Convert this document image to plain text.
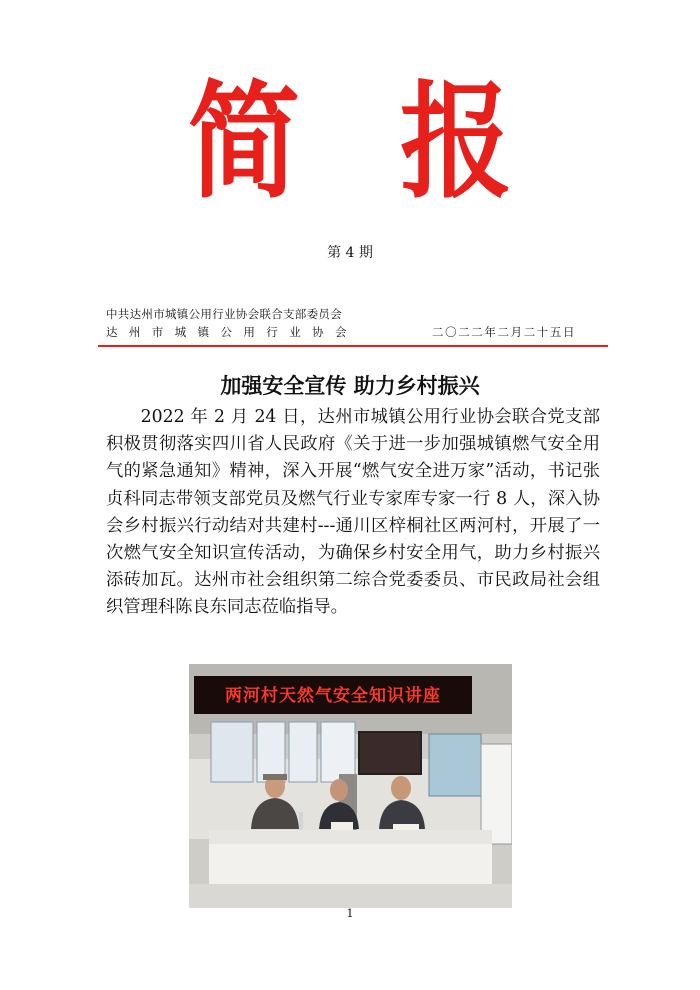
简 报
第 4 期
中共达州市城镇公用行业协会联合支部委员会
达州市城镇公用行业协会	二〇二二年二月二十五日
加强安全宣传 助力乡村振兴

2022 年 2 月 24 日，达州市城镇公用行业协会联合党支部积极贯彻落实四川省人民政府《关于进一步加强城镇燃气安全用气的紧急通知》精神，深入开展“燃气安全进万家”活动，书记张贞科同志带领支部党员及燃气行业专家库专家一行 8 人，深入协会乡村振兴行动结对共建村---通川区梓桐社区两河村，开展了一次燃气安全知识宣传活动，为确保乡村安全用气，助力乡村振兴添砖加瓦。达州市社会组织第二综合党委委员、市民政局社会组织管理科陈良东同志莅临指导。

两河村天然气安全知识讲座
1
